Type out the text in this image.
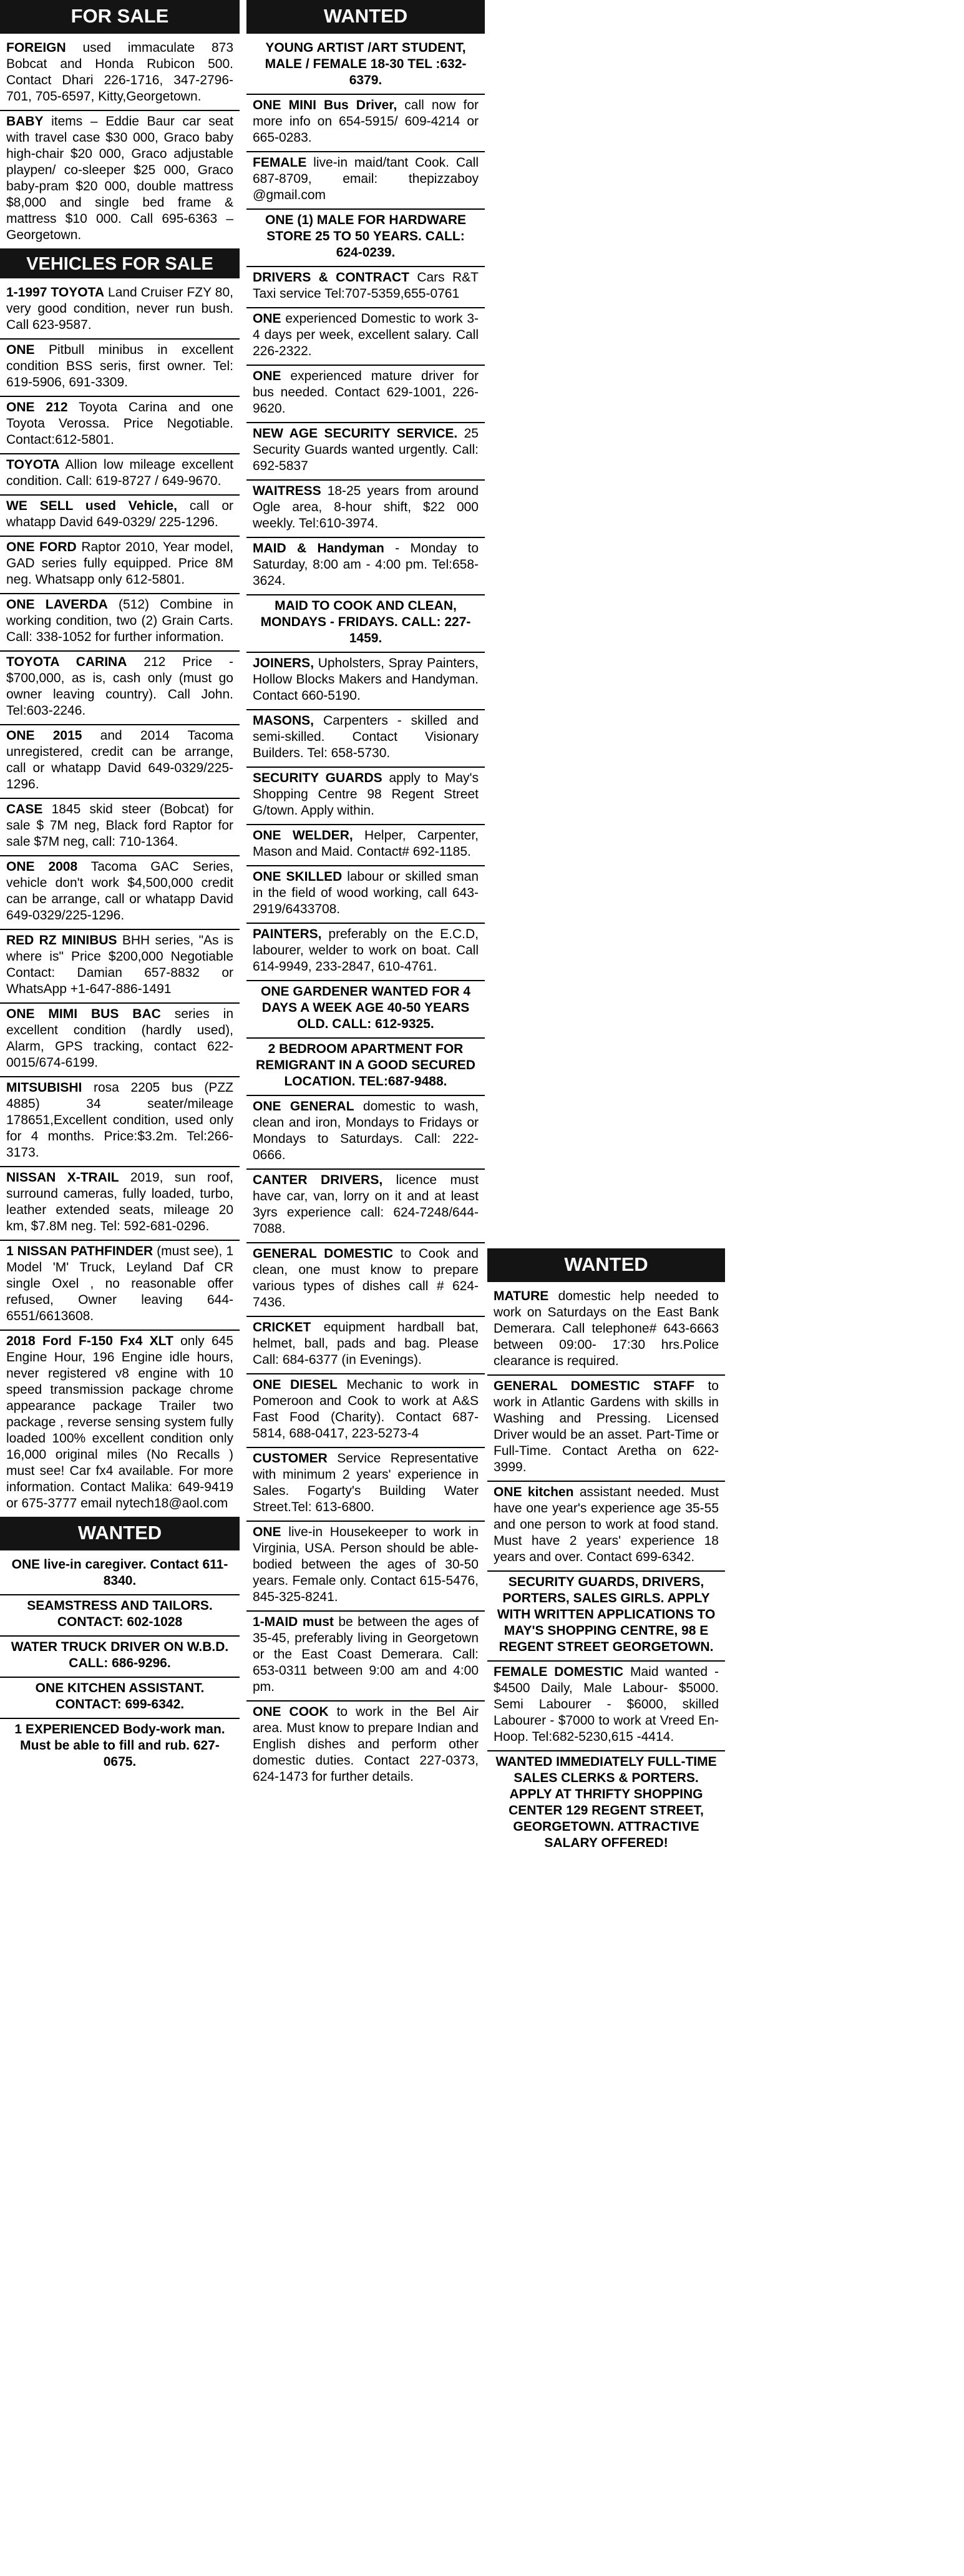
FOR SALE
FOREIGN used immaculate 873 Bobcat and Honda Rubicon 500. Contact Dhari 226-1716, 347-2796-701, 705-6597, Kitty,Georgetown.
BABY items – Eddie Baur car seat with travel case $30 000, Graco baby high-chair $20 000, Graco adjustable playpen/ co-sleeper $25 000, Graco baby-pram $20 000, double mattress $8,000 and single bed frame & mattress $10 000. Call 695-6363 – Georgetown.
VEHICLES FOR SALE
1-1997 TOYOTA Land Cruiser FZY 80, very good condition, never run bush. Call 623-9587.
ONE Pitbull minibus in excellent condition BSS seris, first owner. Tel: 619-5906, 691-3309.
ONE 212 Toyota Carina and one Toyota Verossa. Price Negotiable. Contact:612-5801.
TOYOTA Allion low mileage excellent condition. Call: 619-8727 / 649-9670.
WE SELL used Vehicle, call or whatapp David 649-0329/ 225-1296.
ONE FORD Raptor 2010, Year model, GAD series fully equipped. Price 8M neg. Whatsapp only 612-5801.
ONE LAVERDA (512) Combine in working condition, two (2) Grain Carts. Call: 338-1052 for further information.
TOYOTA CARINA 212 Price - $700,000, as is, cash only (must go owner leaving country). Call John. Tel:603-2246.
ONE 2015 and 2014 Tacoma unregistered, credit can be arrange, call or whatapp David 649-0329/225-1296.
CASE 1845 skid steer (Bobcat) for sale $ 7M neg, Black ford Raptor for sale $7M neg, call: 710-1364.
ONE 2008 Tacoma GAC Series, vehicle don't work $4,500,000 credit can be arrange, call or whatapp David 649-0329/225-1296.
RED RZ MINIBUS BHH series, "As is where is" Price $200,000 Negotiable Contact: Damian 657-8832 or WhatsApp +1-647-886-1491
ONE MIMI BUS BAC series in excellent condition (hardly used), Alarm, GPS tracking, contact 622-0015/674-6199.
MITSUBISHI rosa 2205 bus (PZZ 4885) 34 seater/mileage 178651,Excellent condition, used only for 4 months. Price:$3.2m. Tel:266-3173.
NISSAN X-TRAIL 2019, sun roof, surround cameras, fully loaded, turbo, leather extended seats, mileage 20 km, $7.8M neg. Tel: 592-681-0296.
1 NISSAN PATHFINDER (must see), 1 Model 'M' Truck, Leyland Daf CR single Oxel , no reasonable offer refused, Owner leaving 644-6551/6613608.
2018 Ford F-150 Fx4 XLT only 645 Engine Hour, 196 Engine idle hours, never registered v8 engine with 10 speed transmission package chrome appearance package Trailer two package , reverse sensing system fully loaded 100% excellent condition only 16,000 original miles (No Recalls ) must see! Car fx4 available. For more information. Contact Malika: 649-9419 or 675-3777 email nytech18@aol.com
WANTED
ONE live-in caregiver. Contact 611-8340.
SEAMSTRESS AND TAILORS. CONTACT: 602-1028
WATER TRUCK DRIVER ON W.B.D. CALL: 686-9296.
ONE KITCHEN ASSISTANT. CONTACT: 699-6342.
1 EXPERIENCED Body-work man. Must be able to fill and rub. 627-0675.
WANTED
YOUNG ARTIST /ART STUDENT, MALE / FEMALE 18-30 TEL :632-6379.
ONE MINI Bus Driver, call now for more info on 654-5915/ 609-4214 or 665-0283.
FEMALE live-in maid/tant Cook. Call 687-8709, email: thepizzaboy @gmail.com
ONE (1) MALE FOR HARDWARE STORE 25 TO 50 YEARS. CALL: 624-0239.
DRIVERS & CONTRACT Cars R&T Taxi service Tel:707-5359,655-0761
ONE experienced Domestic to work 3-4 days per week, excellent salary. Call 226-2322.
ONE experienced mature driver for bus needed. Contact 629-1001, 226-9620.
NEW AGE SECURITY SERVICE. 25 Security Guards wanted urgently. Call: 692-5837
WAITRESS 18-25 years from around Ogle area, 8-hour shift, $22 000 weekly. Tel:610-3974.
MAID & Handyman - Monday to Saturday, 8:00 am - 4:00 pm. Tel:658-3624.
MAID TO COOK AND CLEAN, MONDAYS - FRIDAYS. CALL: 227-1459.
JOINERS, Upholsters, Spray Painters, Hollow Blocks Makers and Handyman. Contact 660-5190.
MASONS, Carpenters - skilled and semi-skilled. Contact Visionary Builders. Tel: 658-5730.
SECURITY GUARDS apply to May's Shopping Centre 98 Regent Street G/town. Apply within.
ONE WELDER, Helper, Carpenter, Mason and Maid. Contact# 692-1185.
ONE SKILLED labour or skilled sman in the field of wood working, call 643-2919/6433708.
PAINTERS, preferably on the E.C.D, labourer, welder to work on boat. Call 614-9949, 233-2847, 610-4761.
ONE GARDENER WANTED FOR 4 DAYS A WEEK AGE 40-50 YEARS OLD. CALL: 612-9325.
2 BEDROOM APARTMENT FOR REMIGRANT IN A GOOD SECURED LOCATION. TEL:687-9488.
ONE GENERAL domestic to wash, clean and iron, Mondays to Fridays or Mondays to Saturdays. Call: 222-0666.
CANTER DRIVERS, licence must have car, van, lorry on it and at least 3yrs experience call: 624-7248/644-7088.
GENERAL DOMESTIC to Cook and clean, one must know to prepare various types of dishes call # 624-7436.
CRICKET equipment hardball bat, helmet, ball, pads and bag. Please Call: 684-6377 (in Evenings).
ONE DIESEL Mechanic to work in Pomeroon and Cook to work at A&S Fast Food (Charity). Contact 687-5814, 688-0417, 223-5273-4
CUSTOMER Service Representative with minimum 2 years' experience in Sales. Fogarty's Building Water Street.Tel: 613-6800.
ONE live-in Housekeeper to work in Virginia, USA. Person should be able-bodied between the ages of 30-50 years. Female only. Contact 615-5476, 845-325-8241.
1-MAID must be between the ages of 35-45, preferably living in Georgetown or the East Coast Demerara. Call: 653-0311 between 9:00 am and 4:00 pm.
ONE COOK to work in the Bel Air area. Must know to prepare Indian and English dishes and perform other domestic duties. Contact 227-0373, 624-1473 for further details.
WANTED
MATURE domestic help needed to work on Saturdays on the East Bank Demerara. Call telephone# 643-6663 between 09:00- 17:30 hrs.Police clearance is required.
GENERAL DOMESTIC STAFF to work in Atlantic Gardens with skills in Washing and Pressing. Licensed Driver would be an asset. Part-Time or Full-Time. Contact Aretha on 622-3999.
ONE kitchen assistant needed. Must have one year's experience age 35-55 and one person to work at food stand. Must have 2 years' experience 18 years and over. Contact 699-6342.
SECURITY GUARDS, DRIVERS, PORTERS, SALES GIRLS. APPLY WITH WRITTEN APPLICATIONS TO MAY'S SHOPPING CENTRE, 98 E REGENT STREET GEORGETOWN.
FEMALE DOMESTIC Maid wanted - $4500 Daily, Male Labour- $5000. Semi Labourer - $6000, skilled Labourer - $7000 to work at Vreed En-Hoop. Tel:682-5230,615 -4414.
WANTED IMMEDIATELY FULL-TIME SALES CLERKS & PORTERS. APPLY AT THRIFTY SHOPPING CENTER 129 REGENT STREET, GEORGETOWN. ATTRACTIVE SALARY OFFERED!
